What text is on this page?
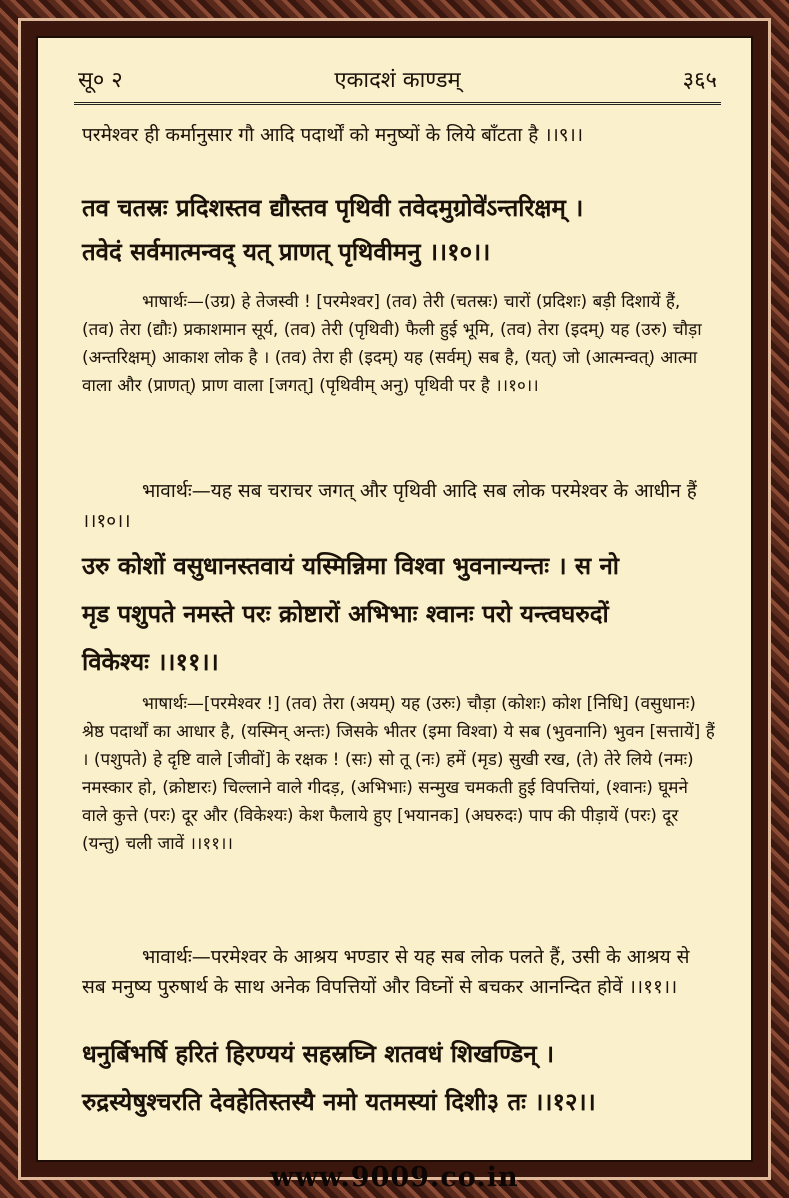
सू० २	एकादशं काण्डम्	३६५
परमेश्वर ही कर्मानुसार गौ आदि पदार्थों को मनुष्यों के लिये बाँटता है ।।९।।
तव चतस्रः प्रदिशस्तव द्यौस्तव पृथिवी तवेदमुग्रोवे॑ऽन्तरिक्षम् ।
तवेदं सर्वमात्मन्वद् यत् प्राणत् पृथिवीमनु ।।१०।।
भाषार्थः—(उग्र) हे तेजस्वी ! [परमेश्वर] (तव) तेरी (चतस्रः) चारों (प्रदिशः) बड़ी दिशायें हैं, (तव) तेरा (द्यौः) प्रकाशमान सूर्य, (तव) तेरी (पृथिवी) फैली हुई भूमि, (तव) तेरा (इदम्) यह (उरु) चौड़ा (अन्तरिक्षम्) आकाश लोक है । (तव) तेरा ही (इदम्) यह (सर्वम्) सब है, (यत्) जो (आत्मन्वत्) आत्मा वाला और (प्राणत्) प्राण वाला [जगत्] (पृथिवीम् अनु) पृथिवी पर है ।।१०।।
भावार्थः—यह सब चराचर जगत् और पृथिवी आदि सब लोक परमेश्वर के आधीन हैं ।।१०।।
उरु कोशों वसुधानस्तवायं यस्मिन्निमा विश्वा भुवनान्यन्तः । स नो
मृड पशुपते नमस्ते परः क्रोष्टारों अभिभाः श्वानः परो यन्त्वघरुदों
विकेश्यः ।।११।।
भाषार्थः—[परमेश्वर !] (तव) तेरा (अयम्) यह (उरुः) चौड़ा (कोशः) कोश [निधि] (वसुधानः) श्रेष्ठ पदार्थों का आधार है, (यस्मिन् अन्तः) जिसके भीतर (इमा विश्वा) ये सब (भुवनानि) भुवन [सत्तायें] हैं । (पशुपते) हे दृष्टि वाले [जीवों] के रक्षक ! (सः) सो तू (नः) हमें (मृड) सुखी रख, (ते) तेरे लिये (नमः) नमस्कार हो, (क्रोष्टारः) चिल्लाने वाले गीदड़, (अभिभाः) सन्मुख चमकती हुई विपत्तियां, (श्वानः) घूमने वाले कुत्ते (परः) दूर और (विकेश्यः) केश फैलाये हुए [भयानक] (अघरुदः) पाप की पीड़ायें (परः) दूर (यन्तु) चली जावें ।।११।।
भावार्थः—परमेश्वर के आश्रय भण्डार से यह सब लोक पलते हैं, उसी के आश्रय से सब मनुष्य पुरुषार्थ के साथ अनेक विपत्तियों और विघ्नों से बचकर आनन्दित होवें ।।११।।
धनुर्बिभर्षि हरितं हिरण्ययं सहस्रघ्नि शतवधं शिखण्डिन् ।
रुद्रस्येषुश्चरति देवहेतिस्तस्यै नमो यतमस्यां दिशी३ तः ।।१२।।
www.9009.co.in
